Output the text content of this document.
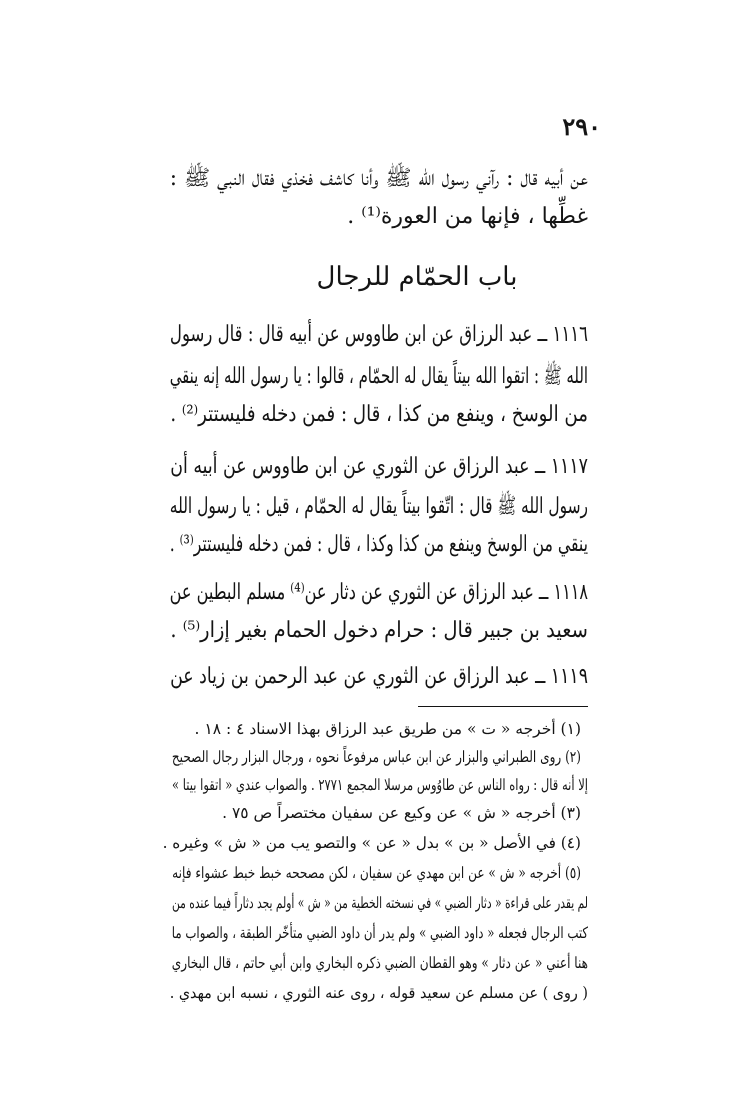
٢٩٠
عن أبيه قال : رآني رسول الله ﷺ وأنا كاشف فخذي فقال النبي ﷺ :
غطِّها ، فإنها من العورة⁽¹⁾ .
باب الحمّام للرجال
١١١٦ ــ عبد الرزاق عن ابن طاووس عن أبيه قال : قال رسول
الله ﷺ : اتقوا الله بيتاً يقال له الحمّام ، قالوا : يا رسول الله إنه ينقي
من الوسخ ، وينفع من كذا ، قال : فمن دخله فليستتر⁽²⁾ .
١١١٧ ــ عبد الرزاق عن الثوري عن ابن طاووس عن أبيه أن
رسول الله ﷺ قال : اتّقوا بيتاً يقال له الحمّام ، قيل : يا رسول الله
ينقي من الوسخ وينفع من كذا وكذا ، قال : فمن دخله فليستتر⁽³⁾ .
١١١٨ ــ عبد الرزاق عن الثوري عن دثار عن⁽⁴⁾ مسلم البطين عن
سعيد بن جبير قال : حرام دخول الحمام بغير إزار⁽⁵⁾ .
١١١٩ ــ عبد الرزاق عن الثوري عن عبد الرحمن بن زياد عن
(١) أخرجه « ت » من طريق عبد الرزاق بهذا الاسناد ٤ : ١٨ .
(٢) روى الطبراني والبزار عن ابن عباس مرفوعاً نحوه ، ورجال البزار رجال الصحيح
إلا أنه قال : رواه الناس عن طاوُوس مرسلا المجمع ٢٧٧١ . والصواب عندي « اتقوا بيتا »
(٣) أخرجه « ش » عن وكيع عن سفيان مختصراً ص ٧٥ .
(٤) في الأصل « بن » بدل « عن » والتصو يب من « ش » وغيره .
(٥) أخرجه « ش » عن ابن مهدي عن سفيان ، لكن مصححه خبط خبط عشواء فإنه
لم يقدر على قراءة « دثار الضبي » في نسخته الخطية من « ش » أولم يجد دثاراً فيما عنده من
كتب الرجال فجعله « داود الضبي » ولم يدر أن داود الضبي متأخّر الطبقة ، والصواب ما
هنا أعني « عن دثار » وهو القطان الضبي ذكره البخاري وابن أبي حاتم ، قال البخاري
( روى ) عن مسلم عن سعيد قوله ، روى عنه الثوري ، نسبه ابن مهدي .
